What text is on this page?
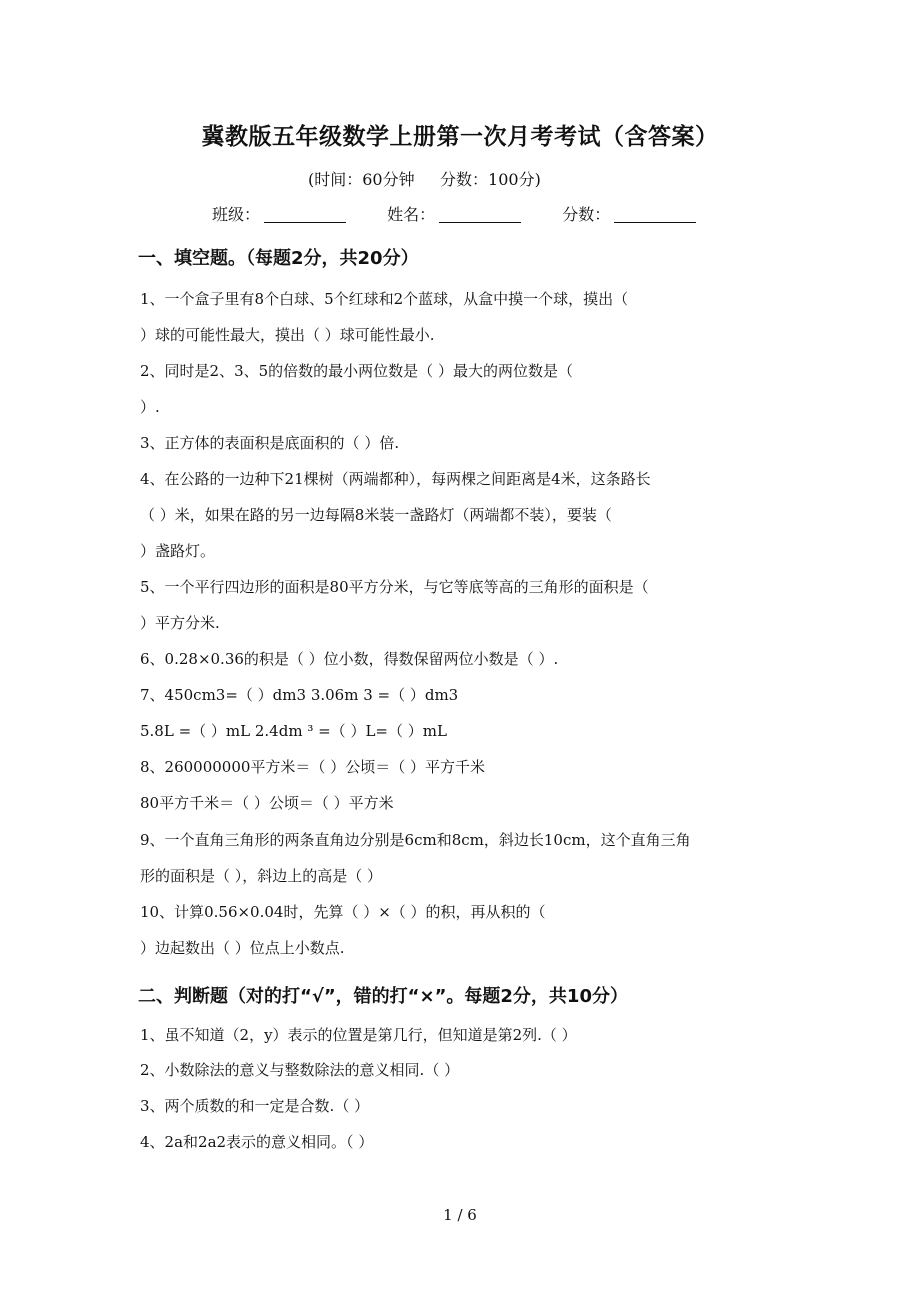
冀教版五年级数学上册第一次月考考试（含答案）
(时间：60分钟     分数：100分)
班级：	姓名：	分数：
一、填空题。（每题2分，共20分）
1、一个盒子里有8个白球、5个红球和2个蓝球，从盒中摸一个球，摸出（
）球的可能性最大，摸出（ ）球可能性最小.
2、同时是2、3、5的倍数的最小两位数是（ ）最大的两位数是（
）.
3、正方体的表面积是底面积的（ ）倍.
4、在公路的一边种下21棵树（两端都种），每两棵之间距离是4米，这条路长
（ ）米，如果在路的另一边每隔8米装一盏路灯（两端都不装），要装（
）盏路灯。
5、一个平行四边形的面积是80平方分米，与它等底等高的三角形的面积是（
）平方分米.
6、0.28×0.36的积是（ ）位小数，得数保留两位小数是（ ）.
7、450cm3=（ ）dm3 3.06m 3 =（ ）dm3
5.8L =（ ）mL 2.4dm ³ =（ ）L=（ ）mL
8、260000000平方米＝（ ）公顷＝（ ）平方千米
80平方千米＝（ ）公顷＝（ ）平方米
9、一个直角三角形的两条直角边分别是6cm和8cm，斜边长10cm，这个直角三角
形的面积是（ ），斜边上的高是（ ）
10、计算0.56×0.04时，先算（ ）×（ ）的积，再从积的（
）边起数出（ ）位点上小数点.
二、判断题（对的打“√”，错的打“×”。每题2分，共10分）
1、虽不知道（2，y）表示的位置是第几行，但知道是第2列.（ ）
2、小数除法的意义与整数除法的意义相同.（ ）
3、两个质数的和一定是合数.（ ）
4、2a和2a2表示的意义相同。（ ）
1 / 6
